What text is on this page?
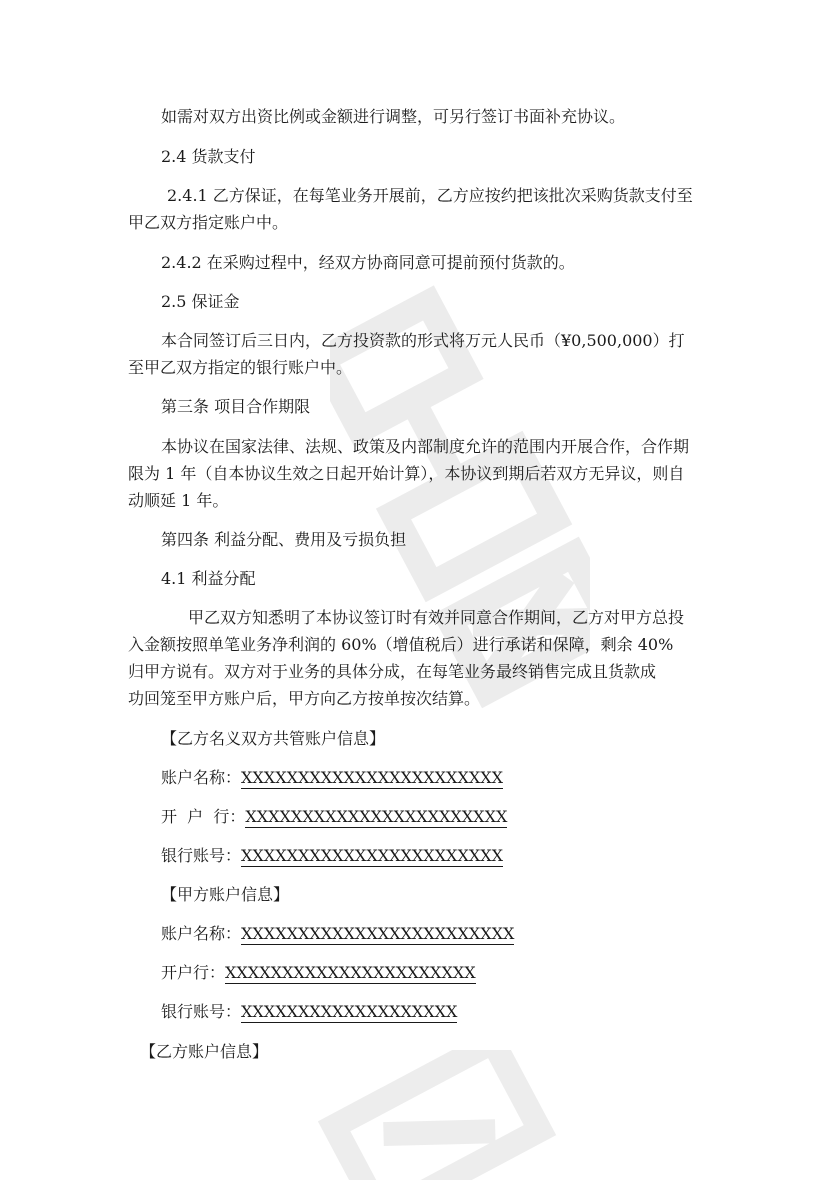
如需对双方出资比例或金额进行调整，可另行签订书面补充协议。
2.4 货款支付
2.4.1 乙方保证，在每笔业务开展前，乙方应按约把该批次采购货款支付至
甲乙双方指定账户中。
2.4.2 在采购过程中，经双方协商同意可提前预付货款的。
2.5 保证金
本合同签订后三日内，乙方投资款的形式将万元人民币（¥0,500,000）打
至甲乙双方指定的银行账户中。
第三条 项目合作期限
本协议在国家法律、法规、政策及内部制度允许的范围内开展合作，合作期
限为 1 年（自本协议生效之日起开始计算），本协议到期后若双方无异议，则自
动顺延 1 年。
第四条 利益分配、费用及亏损负担
4.1 利益分配
甲乙双方知悉明了本协议签订时有效并同意合作期间，乙方对甲方总投
入金额按照单笔业务净利润的 60%（增值税后）进行承诺和保障，剩余 40%
归甲方说有。双方对于业务的具体分成，在每笔业务最终销售完成且货款成
功回笼至甲方账户后，甲方向乙方按单按次结算。
【乙方名义双方共管账户信息】
账户名称：XXXXXXXXXXXXXXXXXXXXXXX
开  户  行：XXXXXXXXXXXXXXXXXXXXXXX
银行账号：XXXXXXXXXXXXXXXXXXXXXXX
【甲方账户信息】
账户名称：XXXXXXXXXXXXXXXXXXXXXXXX
开户行：XXXXXXXXXXXXXXXXXXXXXX
银行账号：XXXXXXXXXXXXXXXXXXX
【乙方账户信息】
